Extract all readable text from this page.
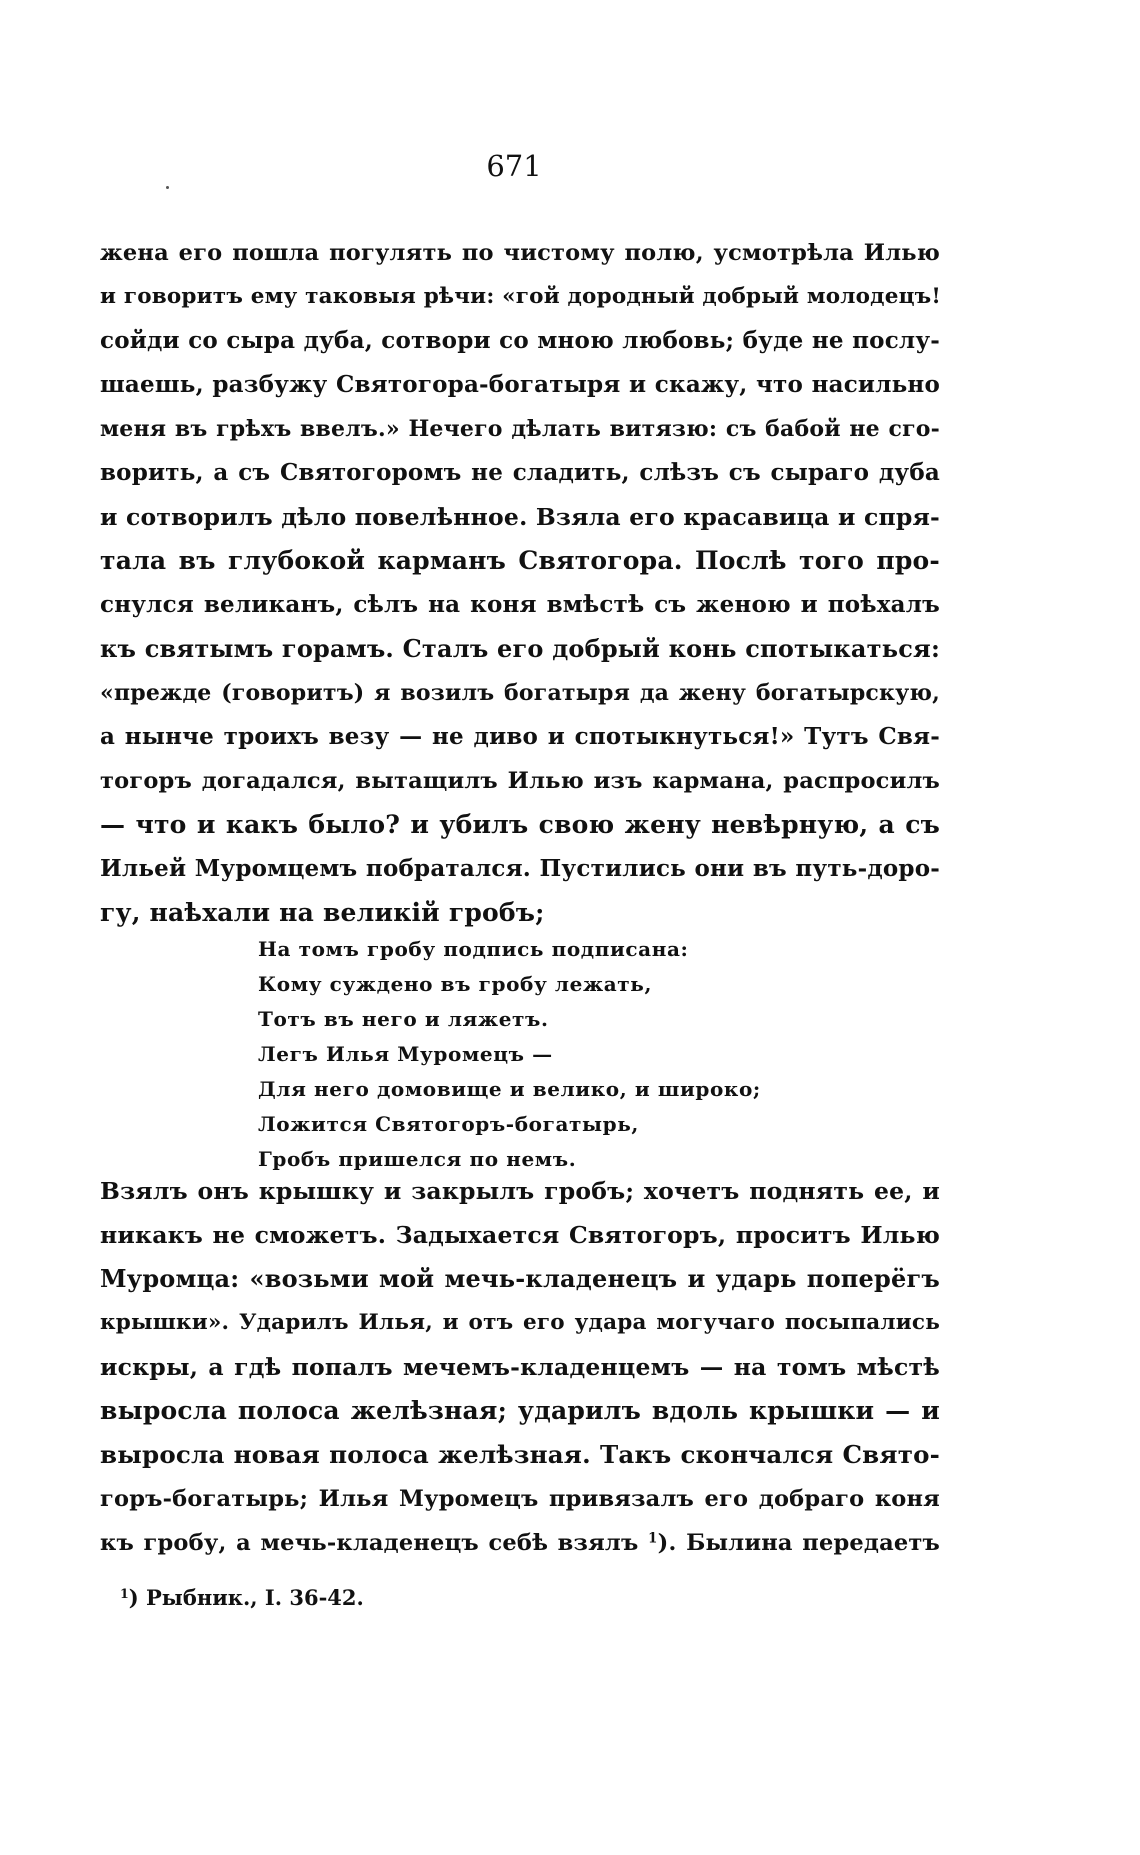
671
жена его пошла погулять по чистому полю, усмотрѣла Илью
и говоритъ ему таковыя рѣчи: «гой дородный добрый молодецъ!
сойди со сыра дуба, сотвори со мною любовь; буде не послу-
шаешь, разбужу Святогора-богатыря и скажу, что насильно
меня въ грѣхъ ввелъ.» Нечего дѣлать витязю: съ бабой не сго-
ворить, а съ Святогоромъ не сладить, слѣзъ съ сыраго дуба
и сотворилъ дѣло повелѣнное. Взяла его красавица и спря-
тала въ глубокой карманъ Святогора. Послѣ того про-
снулся великанъ, сѣлъ на коня вмѣстѣ съ женою и поѣхалъ
къ святымъ горамъ. Сталъ его добрый конь спотыкаться:
«прежде (говоритъ) я возилъ богатыря да жену богатырскую,
а нынче троихъ везу — не диво и спотыкнуться!» Тутъ Свя-
тогоръ догадался, вытащилъ Илью изъ кармана, распросилъ
— что и какъ было? и убилъ свою жену невѣрную, а съ
Ильей Муромцемъ побратался. Пустились они въ путь-доро-
гу, наѣхали на великій гробъ;
На томъ гробу подпись подписана:
Кому суждено въ гробу лежать,
Тотъ въ него и ляжетъ.
Легъ Илья Муромецъ —
Для него домовище и велико, и широко;
Ложится Святогоръ-богатырь,
Гробъ пришелся по немъ.
Взялъ онъ крышку и закрылъ гробъ; хочетъ поднять ее, и
никакъ не сможетъ. Задыхается Святогоръ, проситъ Илью
Муромца: «возьми мой мечь-кладенецъ и ударь поперёгъ
крышки». Ударилъ Илья, и отъ его удара могучаго посыпались
искры, а гдѣ попалъ мечемъ-кладенцемъ — на томъ мѣстѣ
выросла полоса желѣзная; ударилъ вдоль крышки — и
выросла новая полоса желѣзная. Такъ скончался Свято-
горъ-богатырь; Илья Муромецъ привязалъ его добраго коня
къ гробу, а мечь-кладенецъ себѣ взялъ $^1$). Былина передаетъ
$^1$) Рыбник., I. 36-42.
